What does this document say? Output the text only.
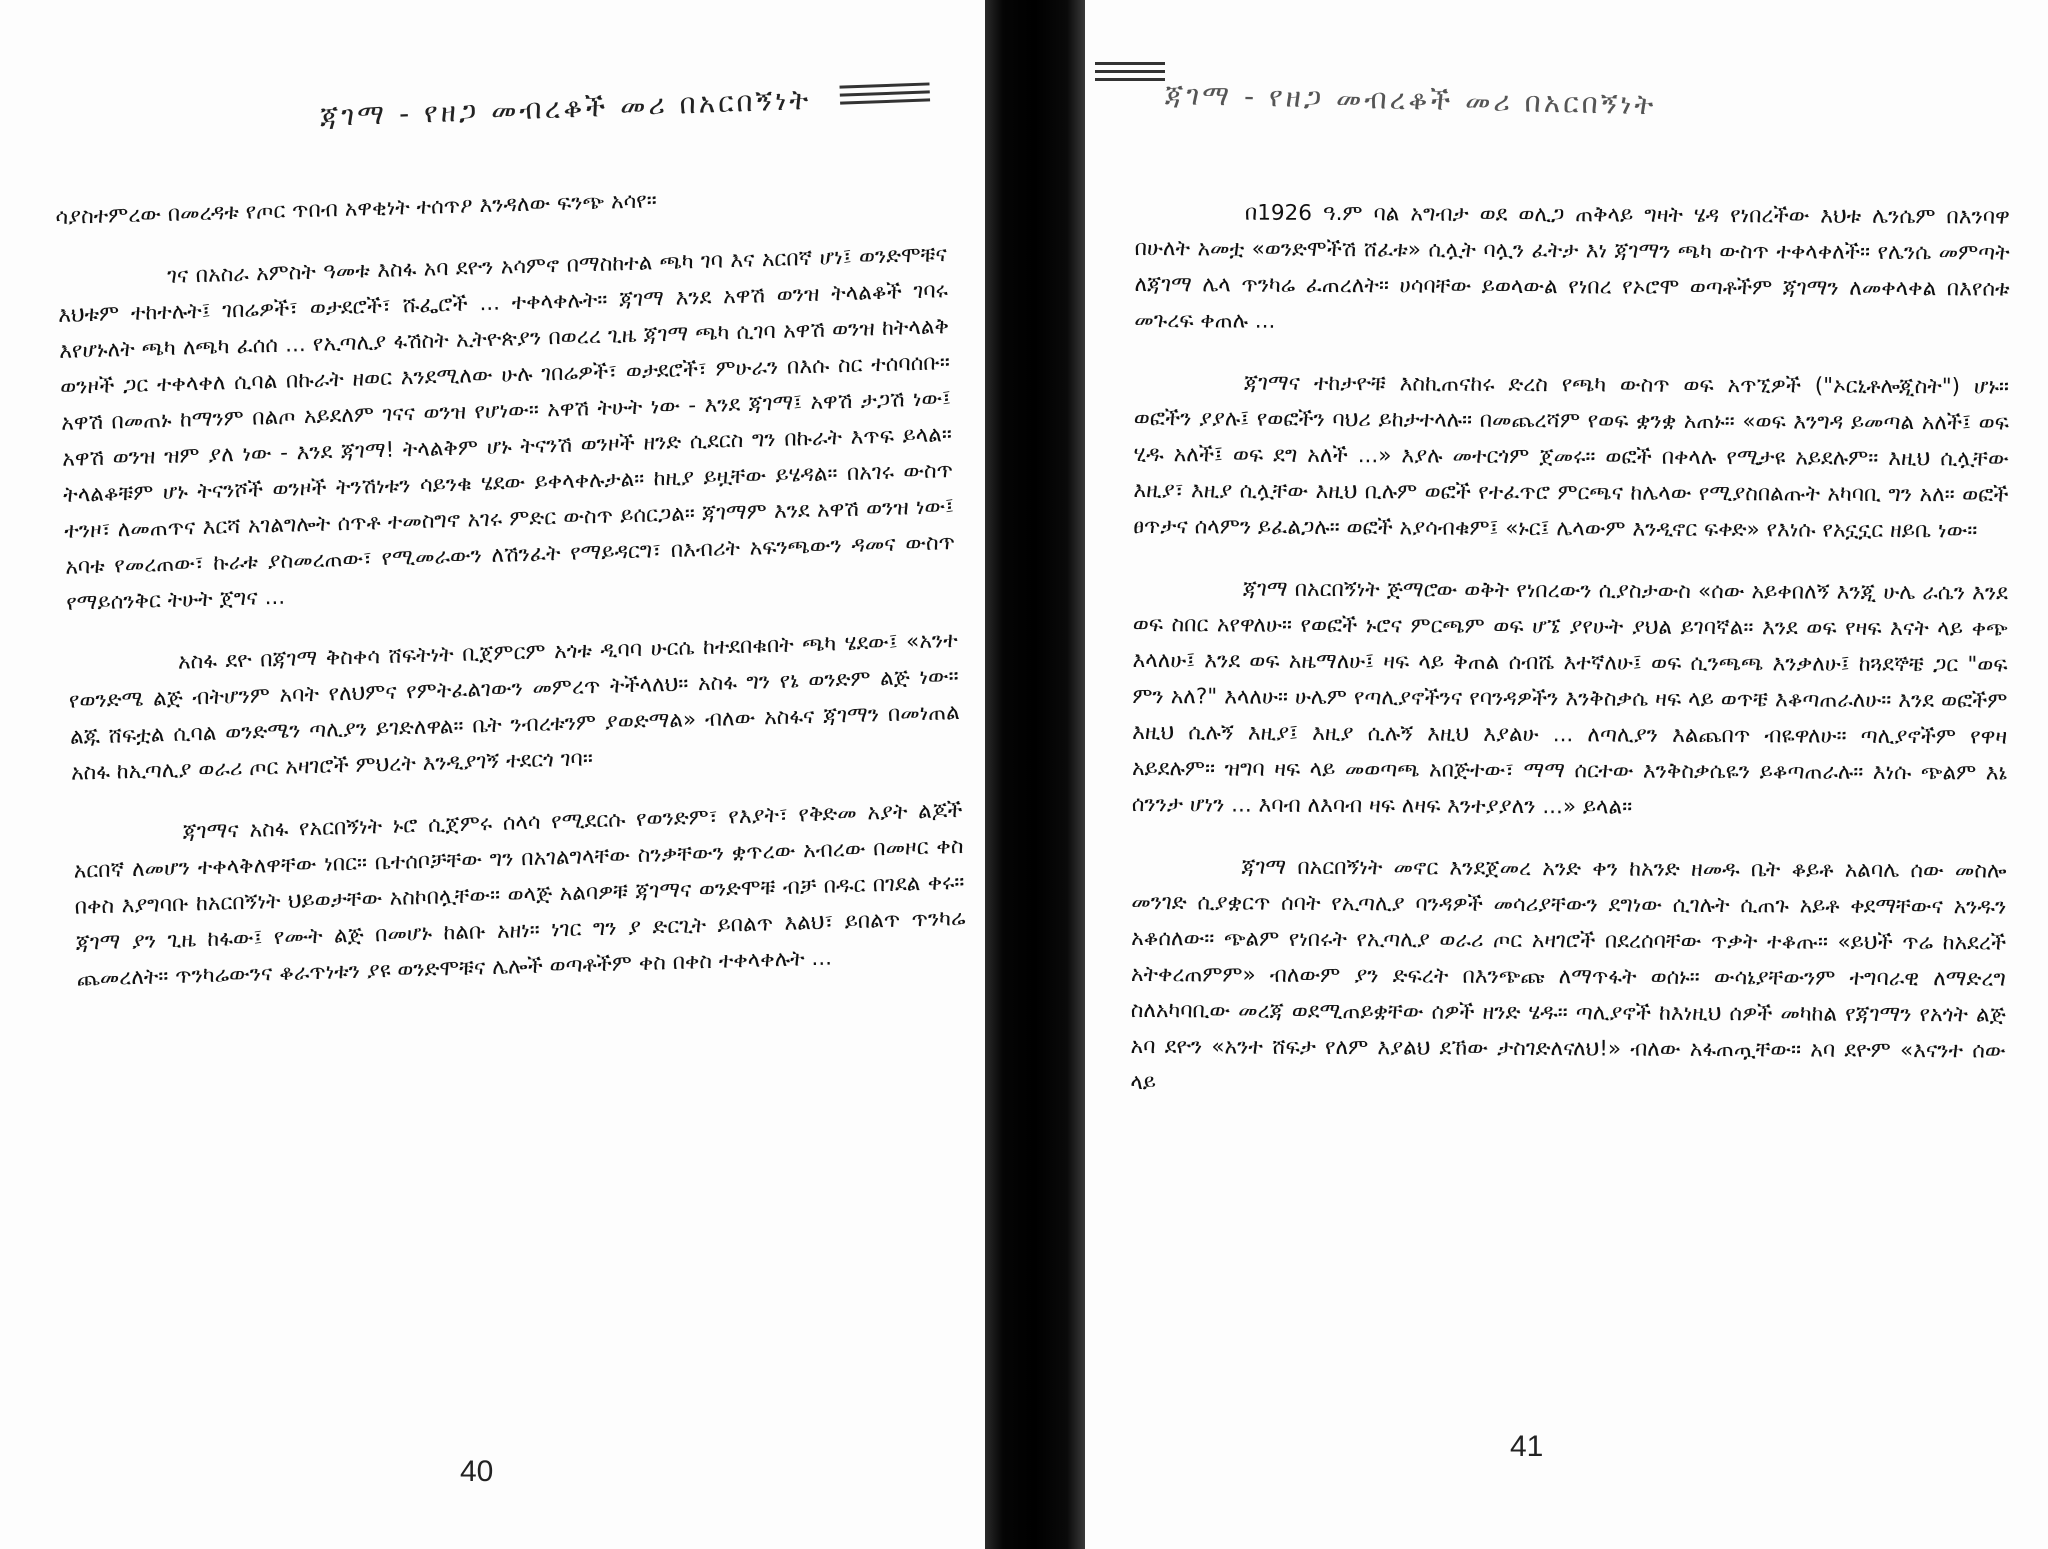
ጃገማ - የዘጋ መብረቆች መሪ በአርበኝነት

ሳያስተምረው በመረዳቱ የጦር ጥበብ አዋቂነት ተሰጥዖ እንዳለው ፍንጭ አሳየ።

ገና በአስራ አምስት ዓመቱ እስፋ አባ ደዮን አሳምኖ በማስከተል ጫካ ገባ እና አርበኛ ሆነ፤ ወንድሞቹና እህቱም ተከተሉት፤ ገበሬዎች፣ ወታደሮች፣ ሹፌሮች ... ተቀላቀሉት። ጃገማ እንደ አዋሽ ወንዝ ትላልቆች ገባሩ እየሆኑለት ጫካ ለጫካ ፈሰሰ ... የኢጣሊያ ፋሽስት ኢትዮጵያን በወረረ ጊዜ ጃገማ ጫካ ሲገባ አዋሽ ወንዝ ከትላልቅ ወንዞች ጋር ተቀላቀለ ሲባል በኩራት ዘወር እንደሚለው ሁሉ ገበሬዎች፣ ወታደሮች፣ ምሁራን በእሱ ስር ተሰባሰቡ። አዋሽ በመጠኑ ከማንም በልጦ አይደለም ገናና ወንዝ የሆነው። አዋሽ ትሁት ነው - እንደ ጃገማ፤ አዋሽ ታጋሽ ነው፤ አዋሽ ወንዝ ዝም ያለ ነው - እንደ ጃገማ! ትላልቅም ሆኑ ትናንሽ ወንዞች ዘንድ ሲደርስ ግን በኩራት እጥፍ ይላል። ትላልቆቹም ሆኑ ትናንሾች ወንዞች ትንሽነቱን ሳይንቁ ሄደው ይቀላቀሉታል። ከዚያ ይዟቸው ይሄዳል። በአገሩ ውስጥ ተንዞ፣ ለመጠጥና እርሻ አገልግሎት ሰጥቶ ተመስግኖ አገሩ ምድር ውስጥ ይሰርጋል። ጃገማም እንደ አዋሽ ወንዝ ነው፤ አባቱ የመረጠው፣ ኩራቱ ያስመረጠው፣ የሚመራውን ለሽንፈት የማይዳርግ፣ በእብሪት አፍንጫውን ዳመና ውስጥ የማይሰንቅር ትሁት ጀግና ...

አስፋ ደዮ በጃገማ ቅስቀሳ ሸፍትነት ቢጀምርም አጎቱ ዲባባ ሁርሴ ከተደበቁበት ጫካ ሄደው፤ «አንተ የወንድሜ ልጅ ብትሆንም አባት የለህምና የምትፈልገውን መምረጥ ትችላለህ። አስፋ ግን የኔ ወንድም ልጅ ነው። ልጁ ሸፍቷል ሲባል ወንድሜን ጣሊያን ይገድለዋል። ቤት ንብረቱንም ያወድማል» ብለው አስፋና ጃገማን በመነጠል አስፋ ከኢጣሊያ ወራሪ ጦር አዛገሮች ምህረት እንዲያገኝ ተደርጎ ገባ።

ጃገማና አስፋ የአርበኝነት ኑሮ ሲጀምሩ ሰላሳ የሚደርሱ የወንድም፣ የእያት፣ የቅድመ አያት ልጆች አርበኛ ለመሆን ተቀላቅለዋቸው ነበር። ቤተሰቦቻቸው ግን በአገልግላቸው ስንቃቸውን ቋጥረው አብረው በመዞር ቀስ በቀስ እያግባቡ ከአርበኝነት ህይወታቸው አስኮበሏቸው። ወላጅ አልባዎቹ ጃገማና ወንድሞቹ ብቻ በዱር በገደል ቀሩ። ጃገማ ያን ጊዜ ከፋው፤ የሙት ልጅ በመሆኑ ከልቡ አዘነ። ነገር ግን ያ ድርጊት ይበልጥ እልህ፣ ይበልጥ ጥንካሬ ጨመረለት። ጥንካሬውንና ቆራጥነቱን ያዩ ወንድሞቹና ሌሎች ወጣቶችም ቀስ በቀስ ተቀላቀሉት ...

40
ጃገማ - የዘጋ መብረቆች መሪ በአርበኝነት

በ1926 ዓ.ም ባል አግብታ ወደ ወሊጋ ጠቅላይ ግዛት ሄዳ የነበረችው እህቱ ሌንሴም በእንባዋ በሁለት አመቷ «ወንድሞችሽ ሸፈቱ» ሲሏት ባሏን ፈትታ እነ ጃገማን ጫካ ውስጥ ተቀላቀለች። የሌንሴ መምጣት ለጃገማ ሌላ ጥንካሬ ፈጠረለት። ሀሳባቸው ይወላውል የነበረ የኦሮሞ ወጣቶችም ጃገማን ለመቀላቀል በእየሰቱ መጉረፍ ቀጠሉ ...

ጃገማና ተከታዮቹ እስኪጠናከሩ ድረስ የጫካ ውስጥ ወፍ አጥኚዎች ("ኦርኒቶሎጂስት") ሆኑ። ወፎችን ያያሉ፤ የወፎችን ባህሪ ይከታተላሉ። በመጨረሻም የወፍ ቋንቋ አጠኑ። «ወፍ እንግዳ ይመጣል አለች፤ ወፍ ሂዱ አለች፤ ወፍ ደግ አለች ...» እያሉ መተርጎም ጀመሩ። ወፎች በቀላሉ የሚታዩ አይደሉም። እዚህ ሲሏቸው እዚያ፣ እዚያ ሲሏቸው እዚህ ቢሉም ወፎች የተፈጥሮ ምርጫና ከሌላው የሚያስበልጡት አካባቢ ግን አለ። ወፎች ፀጥታና ሰላምን ይፈልጋሉ። ወፎች አያሳብቁም፤ «ኑር፤ ሌላውም እንዲኖር ፍቀድ» የእነሱ የአኗኗር ዘይቤ ነው።

ጃገማ በአርበኝነት ጅማሮው ወቅት የነበረውን ሲያስታውስ «ሰው አይቀበለኝ እንጂ ሁሌ ራሴን እንደ ወፍ ስበር አየዋለሁ። የወፎች ኑሮና ምርጫም ወፍ ሆኜ ያየሁት ያህል ይገባኛል። እንደ ወፍ የዛፍ እናት ላይ ቀጭ እላለሁ፤ እንደ ወፍ አዜማለሁ፤ ዛፍ ላይ ቅጠል ሰብሼ እተኛለሁ፤ ወፍ ሲንጫጫ እንቃለሁ፤ ከጓደኞቼ ጋር "ወፍ ምን አለ?" እላለሁ። ሁሌም የጣሊያኖችንና የባንዳዎችን እንቅስቃሴ ዛፍ ላይ ወጥቼ እቆጣጠራለሁ። እንደ ወፎችም እዚህ ሲሉኝ እዚያ፤ እዚያ ሲሉኝ እዚህ እያልሁ ... ለጣሊያን እልጨበጥ ብዬዋለሁ። ጣሊያኖችም የዋዛ አይደሉም። ዝግባ ዛፍ ላይ መወጣጫ አበጅተው፣ ማማ ሰርተው እንቅስቃሴዬን ይቆጣጠራሉ። እነሱ ጭልም እኔ ሰንንታ ሆነን ... እባብ ለእባብ ዛፍ ለዛፍ እንተያያለን ...» ይላል።

ጃገማ በአርበኝነት መኖር እንደጀመረ አንድ ቀን ከአንድ ዘመዱ ቤት ቆይቶ አልባሌ ሰው መስሎ መንገድ ሲያቋርጥ ሰባት የኢጣሊያ ባንዳዎች መሳሪያቸውን ደግነው ሲገሉት ሲጠጉ አይቶ ቀደማቸውና አንዱን አቆሰለው። ጭልም የነበሩት የኢጣሊያ ወራሪ ጦር አዛገሮች በደረሰባቸው ጥቃት ተቆጡ። «ይህች ጥሬ ከአደረች አትቀረጠምም» ብለውም ያን ድፍረት በእንጭጩ ለማጥፋት ወሰኑ። ውሳኔያቸውንም ተግባራዊ ለማድረግ ስለአካባቢው መረጃ ወደሚጠይቋቸው ሰዎች ዘንድ ሄዱ። ጣሊያኖች ከእነዚህ ሰዎች መካከል የጃገማን የአጎት ልጅ አባ ደዮን «አንተ ሸፍታ የለም እያልህ ደኸው ታስገድለናለህ!» ብለው አፋጠጧቸው። አባ ደዮም «እናንተ ሰው ላይ

41
